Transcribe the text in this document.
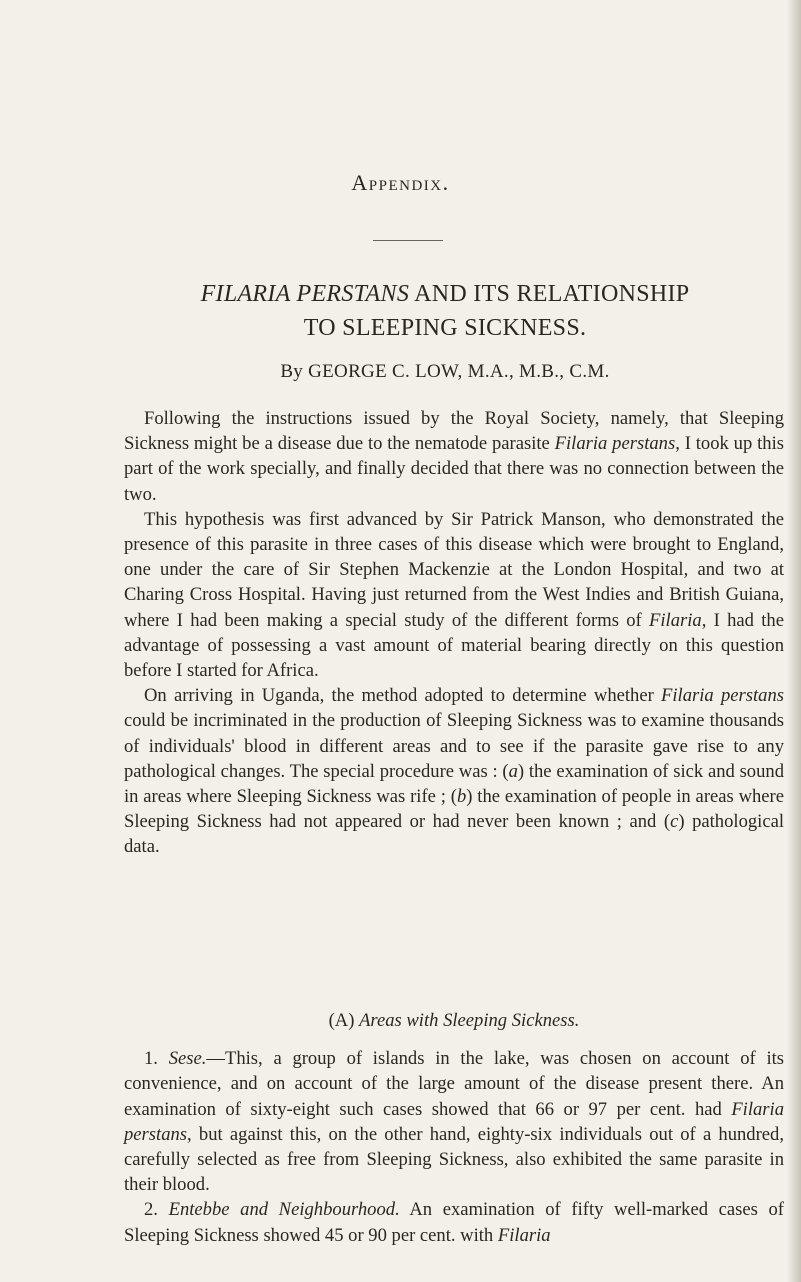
Appendix.
FILARIA PERSTANS AND ITS RELATIONSHIP
TO SLEEPING SICKNESS.
By GEORGE C. LOW, M.A., M.B., C.M.

Following the instructions issued by the Royal Society, namely, that Sleeping Sickness might be a disease due to the nematode parasite Filaria perstans, I took up this part of the work specially, and finally decided that there was no connection between the two.

This hypothesis was first advanced by Sir Patrick Manson, who demonstrated the presence of this parasite in three cases of this disease which were brought to England, one under the care of Sir Stephen Mackenzie at the London Hospital, and two at Charing Cross Hospital. Having just returned from the West Indies and British Guiana, where I had been making a special study of the different forms of Filaria, I had the advantage of possessing a vast amount of material bearing directly on this question before I started for Africa.

On arriving in Uganda, the method adopted to determine whether Filaria perstans could be incriminated in the production of Sleeping Sickness was to examine thousands of individuals' blood in different areas and to see if the parasite gave rise to any pathological changes. The special procedure was : (a) the examination of sick and sound in areas where Sleeping Sickness was rife ; (b) the examination of people in areas where Sleeping Sickness had not appeared or had never been known ; and (c) pathological data.

(A) Areas with Sleeping Sickness.

1. Sese.—This, a group of islands in the lake, was chosen on account of its convenience, and on account of the large amount of the disease present there. An examination of sixty-eight such cases showed that 66 or 97 per cent. had Filaria perstans, but against this, on the other hand, eighty-six individuals out of a hundred, carefully selected as free from Sleeping Sickness, also exhibited the same parasite in their blood.

2. Entebbe and Neighbourhood. An examination of fifty well-marked cases of Sleeping Sickness showed 45 or 90 per cent. with Filaria
